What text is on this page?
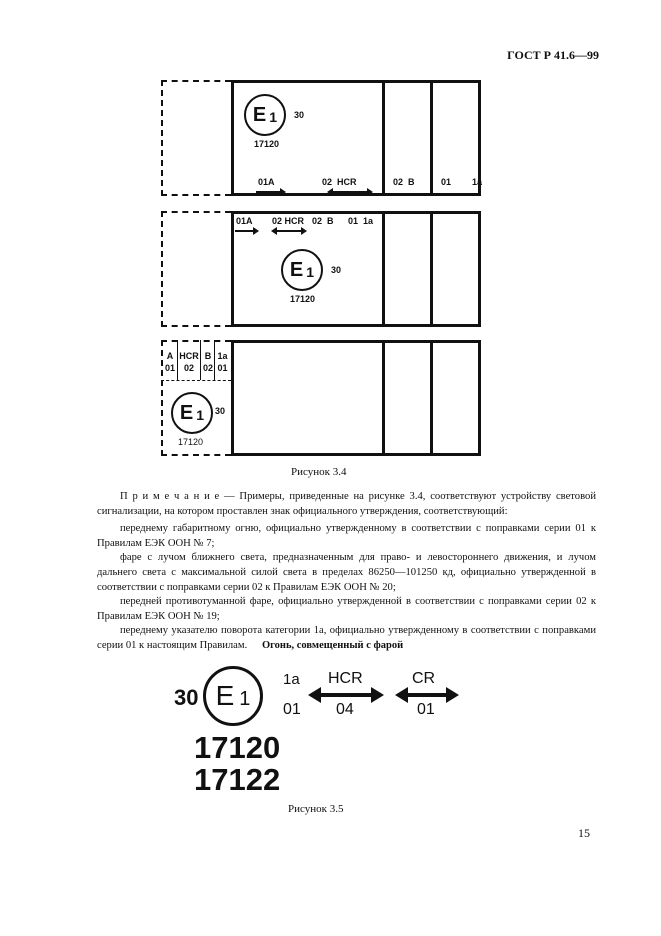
ГОСТ Р 41.6—99
E 1 30
17120
01A	02  HCR	02  B	01  1a
01A 02 HCR 02  B 01  1a
E 1 30
17120
A
01
HCR
02
B
02
1a
01
E 1 30
17120
Рисунок 3.4

П р и м е ч а н и е — Примеры, приведенные на рисунке 3.4, соответствуют устройству световой сигнализации, на котором проставлен знак официального утверждения, соответствующий:

переднему габаритному огню, официально утвержденному в соответствии с поправками серии 01 к Правилам ЕЭК ООН № 7;

фаре с лучом ближнего света, предназначенным для право- и левостороннего движения, и лучом дальнего света с максимальной силой света в пределах 86250—101250 кд, официально утвержденной в соответствии с поправками серии 02 к Правилам ЕЭК ООН № 20;

передней противотуманной фаре, официально утвержденной в соответствии с поправками серии 02 к Правилам ЕЭК ООН № 19;

переднему указателю поворота категории 1а, официально утвержденному в соответствии с поправками серии 01 к настоящим Правилам.	Огонь, совмещенный с фарой
30 E 1
1a
01
HCR
04
CR
01
17120
17122
Рисунок 3.5
15
